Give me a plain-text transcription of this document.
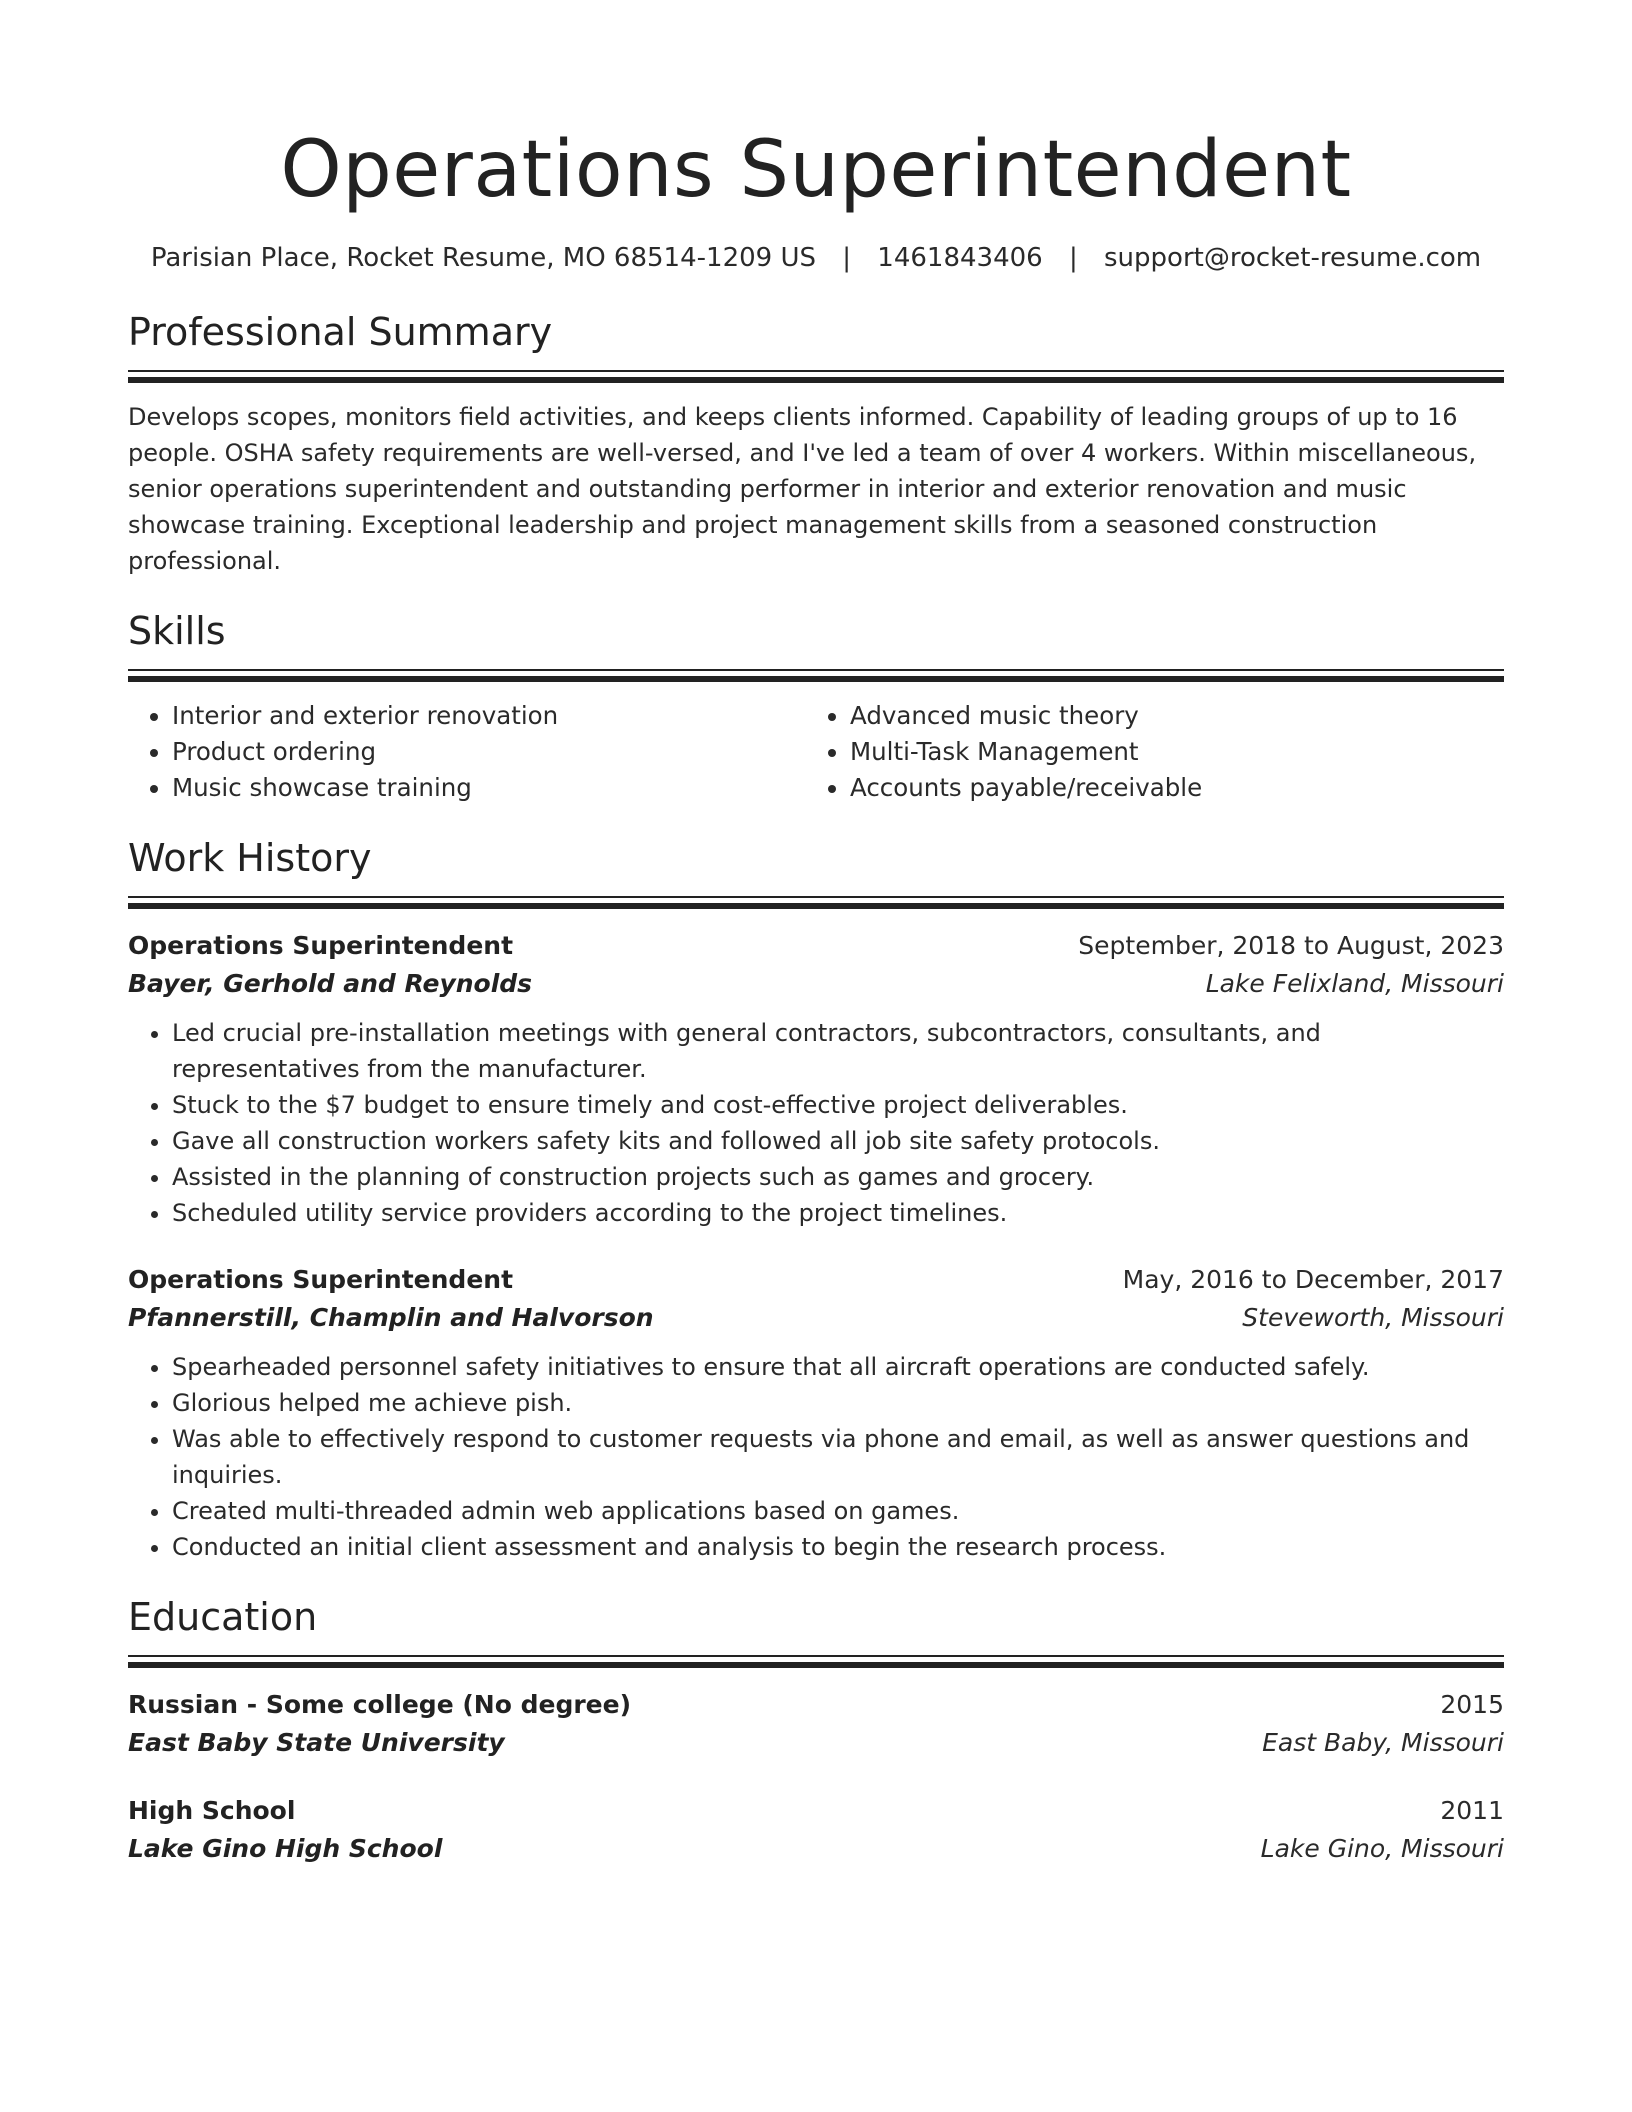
Operations Superintendent
Parisian Place, Rocket Resume, MO 68514-1209 US | 1461843406 | support@rocket-resume.com
Professional Summary
Develops scopes, monitors field activities, and keeps clients informed. Capability of leading groups of up to 16 people. OSHA safety requirements are well-versed, and I've led a team of over 4 workers. Within miscellaneous, senior operations superintendent and outstanding performer in interior and exterior renovation and music showcase training. Exceptional leadership and project management skills from a seasoned construction professional.
Skills
• Interior and exterior renovation
• Product ordering
• Music showcase training
• Advanced music theory
• Multi-Task Management
• Accounts payable/receivable
Work History
Operations Superintendent	September, 2018 to August, 2023
Bayer, Gerhold and Reynolds	Lake Felixland, Missouri
• Led crucial pre-installation meetings with general contractors, subcontractors, consultants, and representatives from the manufacturer.
• Stuck to the $7 budget to ensure timely and cost-effective project deliverables.
• Gave all construction workers safety kits and followed all job site safety protocols.
• Assisted in the planning of construction projects such as games and grocery.
• Scheduled utility service providers according to the project timelines.
Operations Superintendent	May, 2016 to December, 2017
Pfannerstill, Champlin and Halvorson	Steveworth, Missouri
• Spearheaded personnel safety initiatives to ensure that all aircraft operations are conducted safely.
• Glorious helped me achieve pish.
• Was able to effectively respond to customer requests via phone and email, as well as answer questions and inquiries.
• Created multi-threaded admin web applications based on games.
• Conducted an initial client assessment and analysis to begin the research process.
Education
Russian - Some college (No degree)	2015
East Baby State University	East Baby, Missouri
High School	2011
Lake Gino High School	Lake Gino, Missouri
